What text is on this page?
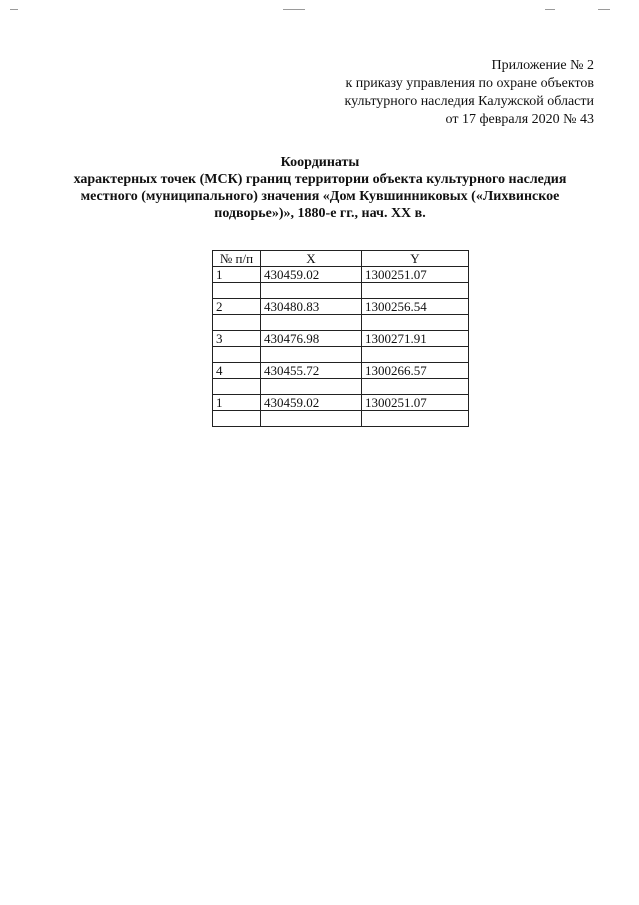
Приложение № 2
к приказу управления по охране объектов
культурного наследия Калужской области
от 17 февраля 2020 № 43
Координаты
характерных точек (МСК) границ территории объекта культурного наследия
местного (муниципального) значения «Дом Кувшинниковых («Лихвинское
подворье»)», 1880-е гг., нач. XX в.
№ п/п	X	Y
1	430459.02	1300251.07

2	430480.83	1300256.54

3	430476.98	1300271.91

4	430455.72	1300266.57

1	430459.02	1300251.07
